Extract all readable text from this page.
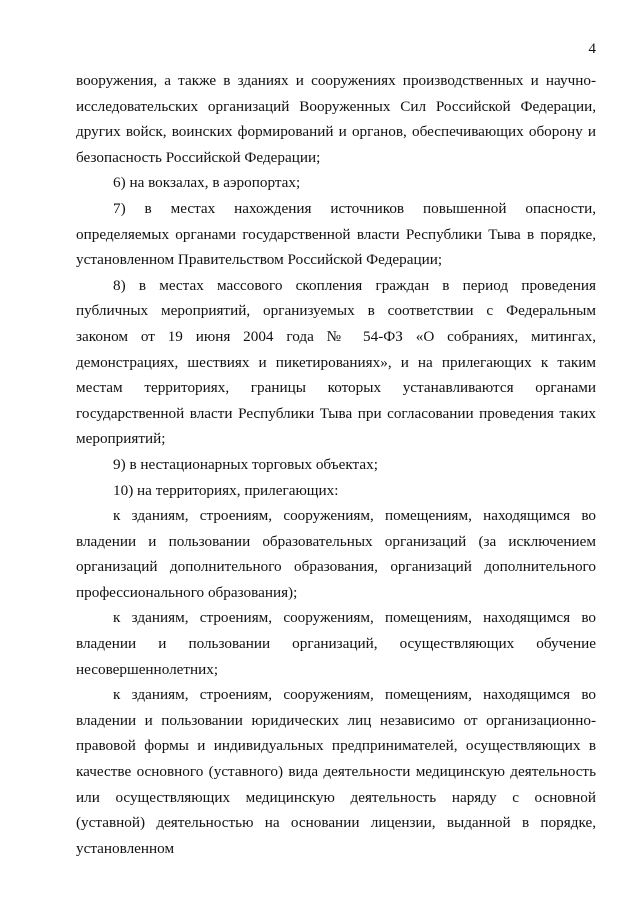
4

вооружения, а также в зданиях и сооружениях производственных и научно-исследовательских организаций Вооруженных Сил Российской Федерации, других войск, воинских формирований и органов, обеспечивающих оборону и безопасность Российской Федерации;

6) на вокзалах, в аэропортах;

7) в местах нахождения источников повышенной опасности, определяемых органами государственной власти Республики Тыва в порядке, установленном Правительством Российской Федерации;

8) в местах массового скопления граждан в период проведения публичных мероприятий, организуемых в соответствии с Федеральным законом от 19 июня 2004 года № 54-ФЗ «О собраниях, митингах, демонстрациях, шествиях и пикетированиях», и на прилегающих к таким местам территориях, границы которых устанавливаются органами государственной власти Республики Тыва при согласовании проведения таких мероприятий;

9) в нестационарных торговых объектах;

10) на территориях, прилегающих:

к зданиям, строениям, сооружениям, помещениям, находящимся во владении и пользовании образовательных организаций (за исключением организаций дополнительного образования, организаций дополнительного профессионального образования);

к зданиям, строениям, сооружениям, помещениям, находящимся во владении и пользовании организаций, осуществляющих обучение несовершеннолетних;

к зданиям, строениям, сооружениям, помещениям, находящимся во владении и пользовании юридических лиц независимо от организационно-правовой формы и индивидуальных предпринимателей, осуществляющих в качестве основного (уставного) вида деятельности медицинскую деятельность или осуществляющих медицинскую деятельность наряду с основной (уставной) деятельностью на основании лицензии, выданной в порядке, установленном
